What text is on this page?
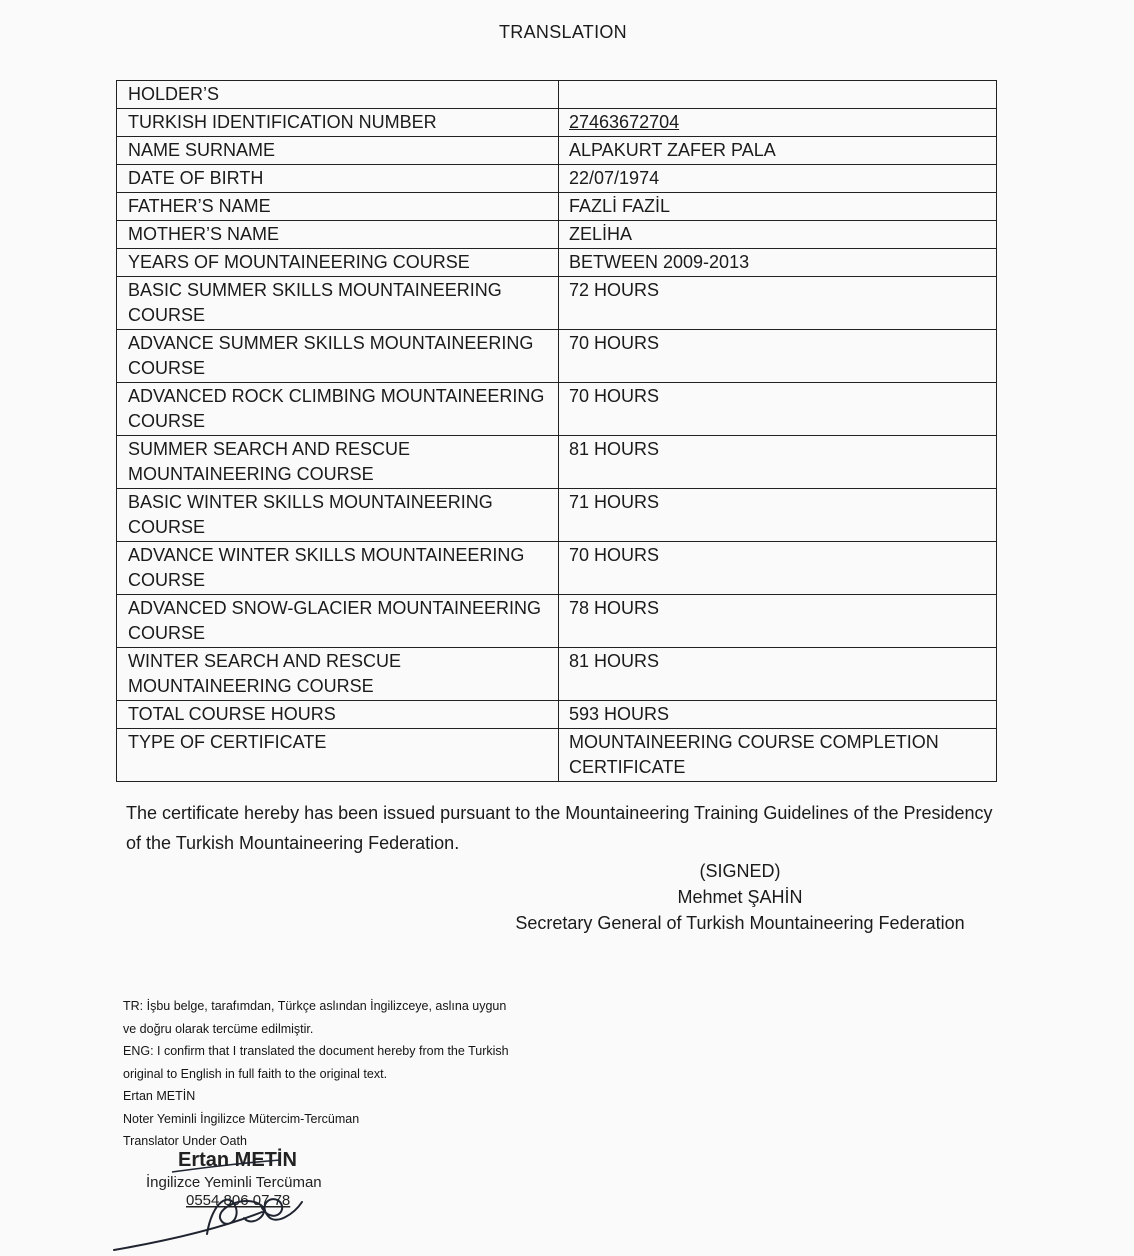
TRANSLATION
HOLDER’S	
TURKISH IDENTIFICATION NUMBER	27463672704
NAME SURNAME	ALPAKURT ZAFER PALA
DATE OF BIRTH	22/07/1974
FATHER’S NAME	FAZLİ FAZİL
MOTHER’S NAME	ZELİHA
YEARS OF MOUNTAINEERING COURSE	BETWEEN 2009-2013
BASIC SUMMER SKILLS MOUNTAINEERING COURSE	72 HOURS
ADVANCE SUMMER SKILLS MOUNTAINEERING COURSE	70 HOURS
ADVANCED ROCK CLIMBING MOUNTAINEERING COURSE	70 HOURS
SUMMER SEARCH AND RESCUE MOUNTAINEERING COURSE	81 HOURS
BASIC WINTER SKILLS MOUNTAINEERING COURSE	71 HOURS
ADVANCE WINTER SKILLS MOUNTAINEERING COURSE	70 HOURS
ADVANCED SNOW-GLACIER MOUNTAINEERING COURSE	78 HOURS
WINTER SEARCH AND RESCUE MOUNTAINEERING COURSE	81 HOURS
TOTAL COURSE HOURS	593 HOURS
TYPE OF CERTIFICATE	MOUNTAINEERING COURSE COMPLETION CERTIFICATE
The certificate hereby has been issued pursuant to the Mountaineering Training Guidelines of the Presidency of the Turkish Mountaineering Federation.
(SIGNED)
Mehmet ŞAHİN
Secretary General of Turkish Mountaineering Federation
TR: İşbu belge, tarafımdan, Türkçe aslından İngilizceye, aslına uygun
ve doğru olarak tercüme edilmiştir.
ENG: I confirm that I translated the document hereby from the Turkish
original to English in full faith to the original text.
Ertan METİN
Noter Yeminli İngilizce Mütercim-Tercüman
Translator Under Oath
Ertan METİN
İngilizce Yeminli Tercüman
0554 806 07 78
